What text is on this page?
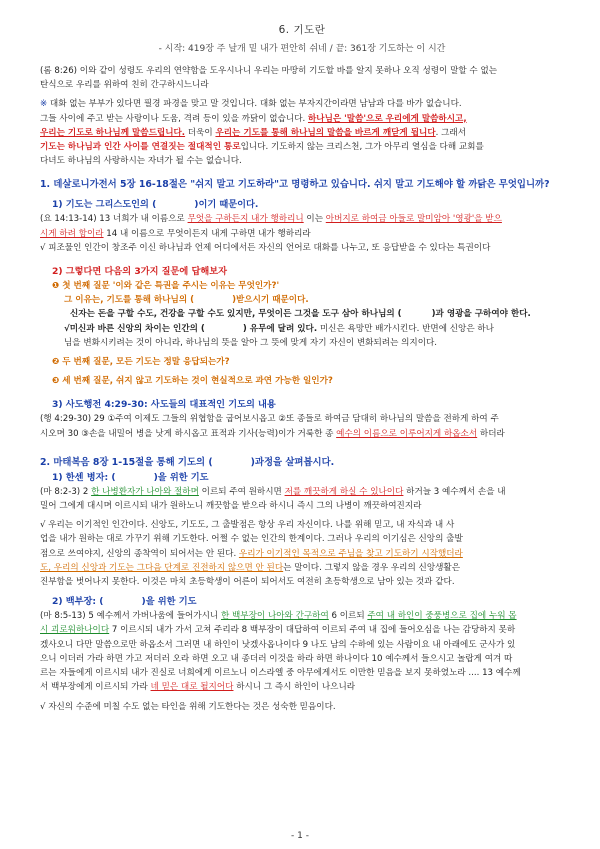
6. 기도란
- 시작: 419장 주 날개 밑 내가 편안히 쉬네 / 끝: 361장 기도하는 이 시간

(롬 8:26) 이와 같이 성령도 우리의 연약함을 도우시나니 우리는 마땅히 기도할 바를 알지 못하나 오직 성령이 말할 수 없는

탄식으로 우리를 위하여 친히 간구하시느니라

※ 대화 없는 부부가 있다면 필경 파경을 맞고 말 것입니다. 대화 없는 부자지간이라면 남남과 다를 바가 없습니다.

그들 사이에 주고 받는 사랑이나 도움, 격려 등이 있을 까닭이 없습니다. 하나님은 '말씀'으로 우리에게 말씀하시고,

우리는 기도로 하나님께 말씀드립니다. 더욱이 우리는 기도를 통해 하나님의 말씀을 바르게 깨닫게 됩니다. 그래서

기도는 하나님과 인간 사이를 연결짓는 절대적인 통로입니다. 기도하지 않는 크리스천, 그가 아무리 열심을 다해 교회를

다녀도 하나님의 사랑하시는 자녀가 될 수는 없습니다.

1. 데살로니가전서 5장 16-18절은 "쉬지 말고 기도하라"고 명령하고 있습니다. 쉬지 말고 기도해야 할 까닭은 무엇입니까?
1) 기도는 그리스도인의 (	)이기 때문이다.

(요 14:13-14) 13 너희가 내 이름으로 무엇을 구하든지 내가 행하리니 이는 아버지로 하여금 아들로 말미암아 '영광'을 받으

시게 하려 함이라 14 내 이름으로 무엇이든지 내게 구하면 내가 행하리라

√ 피조물인 인간이 창조주 이신 하나님과 언제 어디에서든 자신의 언어로 대화를 나누고, 또 응답받을 수 있다는 특권이다

2) 그렇다면 다음의 3가지 질문에 답해보자

❶ 첫 번째 질문 '이와 같은 특권을 주시는 이유는 무엇인가?'

그 이유는, 기도를 통해 하나님의 (	)받으시기 때문이다.

신자는 돈을 구할 수도, 건강을 구할 수도 있지만, 무엇이든 그것을 도구 삼아 하나님의 (	)과 영광을 구하여야 한다.

√미신과 바른 신앙의 차이는 인간의 (	) 유무에 달려 있다. 미신은 욕망만 배가시킨다. 반면에 신앙은 하나

님을 변화시키려는 것이 아니라, 하나님의 뜻을 알아 그 뜻에 맞게 자기 자신이 변화되려는 의지이다.

❷ 두 번째 질문, 모든 기도는 정말 응답되는가?

❸ 세 번째 질문, 쉬지 않고 기도하는 것이 현실적으로 과연 가능한 일인가?

3) 사도행전 4:29-30: 사도들의 대표적인 기도의 내용

(행 4:29-30) 29 ①주여 이제도 그들의 위협함을 굽어보시옵고 ②또 종들로 하여금 담대히 하나님의 말씀을 전하게 하여 주

시오며 30 ③손을 내밀어 병을 낫게 하시옵고 표적과 기사(능력)이가 거룩한 종 예수의 이름으로 이루어지게 하옵소서 하더라

2. 마태복음 8장 1-15절을 통해 기도의 (	)과정을 살펴봅시다.
1) 한센 병자: (	)을 위한 기도

(마 8:2-3) 2 한 나병환자가 나아와 절하며 이르되 주여 원하시면 저를 깨끗하게 하실 수 있나이다 하거늘 3 예수께서 손을 내

밀어 그에게 대시며 이르시되 내가 원하노니 깨끗함을 받으라 하시니 즉시 그의 나병이 깨끗하여진지라

√ 우리는 이기적인 인간이다. 신앙도, 기도도, 그 출발점은 항상 우리 자신이다. 나를 위해 믿고, 내 자식과 내 사

업을 내가 원하는 대로 가꾸기 위해 기도한다. 어쩔 수 없는 인간의 한계이다. 그러나 우리의 이기심은 신앙의 출발

점으로 쓰여야지, 신앙의 종착역이 되어서는 안 된다. 우리가 이기적인 목적으로 주님을 찾고 기도하기 시작했더라

도, 우리의 신앙과 기도는 그다음 단계로 진전하지 않으면 안 된다는 말이다. 그렇지 않을 경우 우리의 신앙생활은

진부함을 벗어나지 못한다. 이것은 마치 초등학생이 어른이 되어서도 여전히 초등학생으로 남아 있는 것과 같다.

2) 백부장: (	)을 위한 기도

(마 8:5-13) 5 예수께서 가버나움에 들어가시니 한 백부장이 나아와 간구하여 6 이르되 주여 내 하인이 중풍병으로 집에 누워 몹

시 괴로워하나이다 7 이르시되 내가 가서 고쳐 주리라 8 백부장이 대답하여 이르되 주여 내 집에 들어오심을 나는 감당하지 못하

겠사오니 다만 말씀으로만 하옵소서 그러면 내 하인이 낫겠사옵나이다 9 나도 남의 수하에 있는 사람이요 내 아래에도 군사가 있

으니 이더러 가라 하면 가고 저더러 오라 하면 오고 내 종더러 이것을 하라 하면 하나이다 10 예수께서 들으시고 놀랍게 여겨 따

르는 자들에게 이르시되 내가 진실로 너희에게 이르노니 이스라엘 중 아무에게서도 이만한 믿음을 보지 못하였노라 .... 13 예수께

서 백부장에게 이르시되 가라 네 믿은 대로 될지어다 하시니 그 즉시 하인이 나으니라

√ 자신의 수준에 미칠 수도 없는 타인을 위해 기도한다는 것은 성숙한 믿음이다.

- 1 -
